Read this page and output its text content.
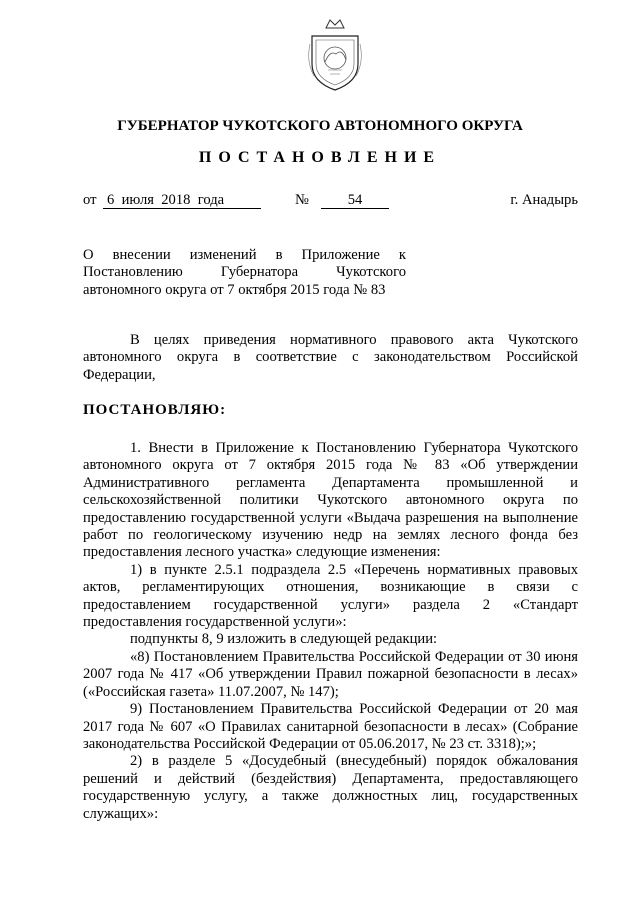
ГУБЕРНАТОР ЧУКОТСКОГО АВТОНОМНОГО ОКРУГА
ПОСТАНОВЛЕНИЕ
от 6  июля  2018  года	№	54	г. Анадырь
О внесении изменений в Приложение к Постановлению Губернатора Чукотского автономного округа от 7 октября 2015 года № 83

В целях приведения нормативного правового акта Чукотского автономного округа в соответствие с законодательством Российской Федерации,

ПОСТАНОВЛЯЮ:

1. Внести в Приложение к Постановлению Губернатора Чукотского автономного округа от 7 октября 2015 года № 83 «Об утверждении Административного регламента Департамента промышленной и сельскохозяйственной политики Чукотского автономного округа по предоставлению государственной услуги «Выдача разрешения на выполнение работ по геологическому изучению недр на землях лесного фонда без предоставления лесного участка» следующие изменения:

1) в пункте 2.5.1 подраздела 2.5 «Перечень нормативных правовых актов, регламентирующих отношения, возникающие в связи с предоставлением государственной услуги» раздела 2 «Стандарт предоставления государственной услуги»:

подпункты 8, 9 изложить в следующей редакции:

«8) Постановлением Правительства Российской Федерации от 30 июня 2007 года № 417 «Об утверждении Правил пожарной безопасности в лесах» («Российская газета» 11.07.2007, № 147);

9) Постановлением Правительства Российской Федерации от 20 мая 2017 года № 607 «О Правилах санитарной безопасности в лесах» (Собрание законодательства Российской Федерации от 05.06.2017, № 23 ст. 3318);»;

2) в разделе 5 «Досудебный (внесудебный) порядок обжалования решений и действий (бездействия) Департамента, предоставляющего государственную услугу, а также должностных лиц, государственных служащих»:
